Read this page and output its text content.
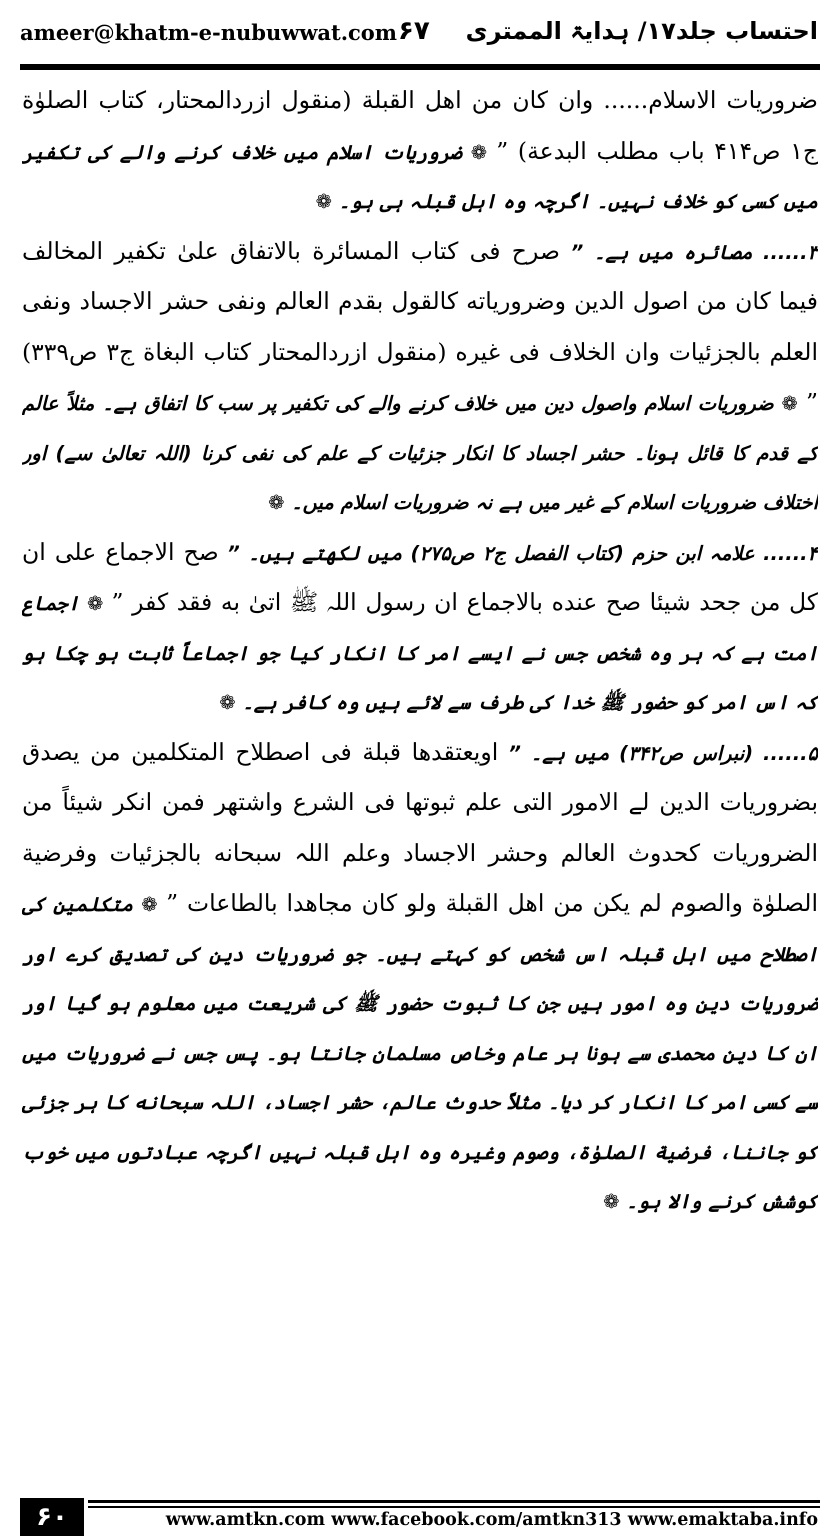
ameer@khatm-e-nubuwwat.com ۶۷ احتساب جلد۱۷/ ہدایۃ الممتری

ضروریات الاسلام...... وان کان من اهل القبلة (منقول ازردالمحتار، کتاب الصلوٰة ج۱ ص۴۱۴ باب مطلب البدعة) ” ❁ ضروریات اسلام میں خلاف کرنے والے کی تکفیر میں کسی کو خلاف نہیں۔ اگرچہ وہ اہل قبلہ ہی ہو۔ ❁

۳...... مصائرہ میں ہے۔ ” صرح فی کتاب المسائرة بالاتفاق علیٰ تکفیر المخالف فیما کان من اصول الدین وضروریاته کالقول بقدم العالم ونفی حشر الاجساد ونفی العلم بالجزئیات وان الخلاف فی غیره (منقول ازردالمحتار کتاب البغاة ج۳ ص۳۳۹) ” ❁ ضروریات اسلام واصول دین میں خلاف کرنے والے کی تکفیر پر سب کا اتفاق ہے۔ مثلاً عالم کے قدم کا قائل ہونا۔ حشر اجساد کا انکار جزئیات کے علم کی نفی کرنا (اللہ تعالیٰ سے) اور اختلاف ضروریات اسلام کے غیر میں ہے نہ ضروریات اسلام میں۔ ❁

۴...... علامہ ابن حزم (کتاب الفصل ج۲ ص۲۷۵) میں لکھتے ہیں۔ ” صح الاجماع علی ان کل من جحد شیئا صح عنده بالاجماع ان رسول اللہ ﷺ اتیٰ به فقد کفر ” ❁ اجماع امت ہے کہ ہر وہ شخص جس نے ایسے امر کا انکار کیا جو اجماعاً ثابت ہو چکا ہو کہ اس امر کو حضور ﷺ خدا کی طرف سے لائے ہیں وہ کافر ہے۔ ❁

۵...... (نبراس ص۳۴۲) میں ہے۔ ” اویعتقدها قبلة فی اصطلاح المتکلمین من یصدق بضروریات الدین لے الامور التی علم ثبوتها فی الشرع واشتهر فمن انکر شیئاً من الضروریات کحدوث العالم وحشر الاجساد وعلم اللہ سبحانه بالجزئیات وفرضیة الصلوٰة والصوم لم یکن من اهل القبلة ولو کان مجاهدا بالطاعات ” ❁ متکلمین کی اصطلاح میں اہل قبلہ اس شخص کو کہتے ہیں۔ جو ضروریات دین کی تصدیق کرے اور ضروریات دین وہ امور ہیں جن کا ثبوت حضور ﷺ کی شریعت میں معلوم ہو گیا اور ان کا دین محمدی سے ہونا ہر عام وخاص مسلمان جانتا ہو۔ پس جس نے ضروریات میں سے کسی امر کا انکار کر دیا۔ مثلاً حدوث عالم، حشر اجساد، اللہ سبحانه کا ہر جزئی کو جاننا، فرضیة الصلوٰة، وصوم وغیرہ وہ اہل قبلہ نہیں اگرچہ عبادتوں میں خوب کوشش کرنے والا ہو۔ ❁

۶۰	www.amtkn.com www.facebook.com/amtkn313 www.emaktaba.info
